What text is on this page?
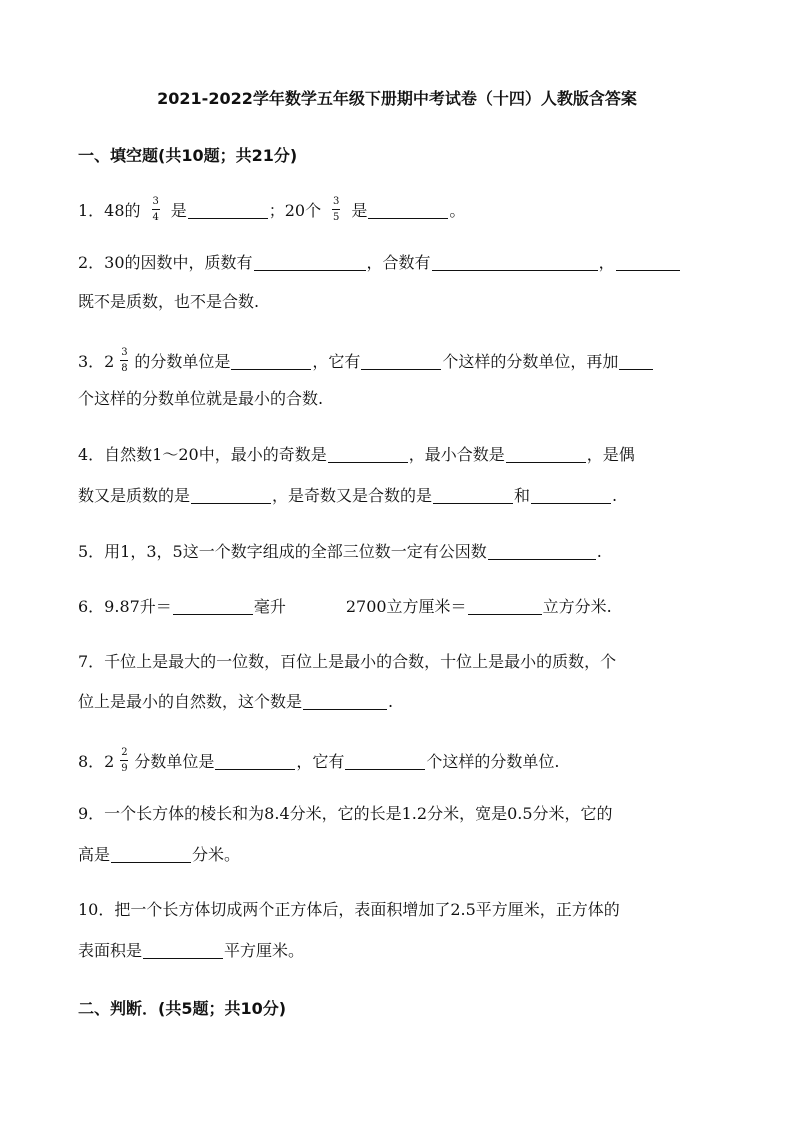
2021-2022学年数学五年级下册期中考试卷（十四）人教版含答案
一、填空题(共10题；共21分)
1．48的 $\frac{3}{4}$ 是	；20个 $\frac{3}{5}$ 是	。
2．30的因数中，质数有	，合数有	，
既不是质数，也不是合数.
3．$2 \frac{3}{8}$ 的分数单位是	，它有	个这样的分数单位，再加
个这样的分数单位就是最小的合数.
4．自然数1～20中，最小的奇数是	，最小合数是	，是偶
数又是质数的是	，是奇数又是合数的是	和	.
5．用1，3，5这一个数字组成的全部三位数一定有公因数	.
6．9.87升＝	毫升	2700立方厘米＝	立方分米.
7．千位上是最大的一位数，百位上是最小的合数，十位上是最小的质数，个
位上是最小的自然数，这个数是	.
8．$2 \frac{2}{9}$ 分数单位是	，它有	个这样的分数单位.
9．一个长方体的棱长和为8.4分米，它的长是1.2分米，宽是0.5分米，它的
高是	分米。
10．把一个长方体切成两个正方体后，表面积增加了2.5平方厘米，正方体的
表面积是	平方厘米。
二、判断．(共5题；共10分)
